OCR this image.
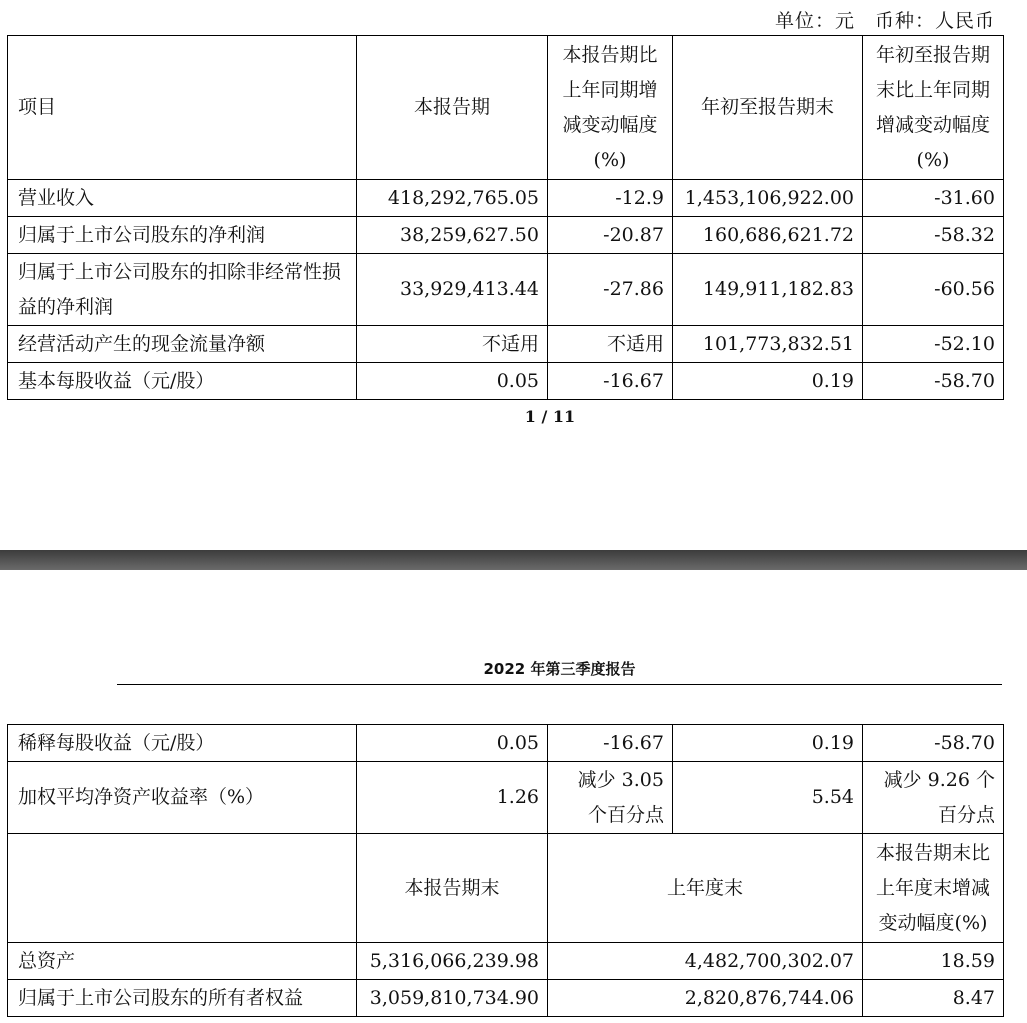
单位：元　币种：人民币
项目	本报告期	本报告期比上年同期增减变动幅度(%)	年初至报告期末	年初至报告期末比上年同期增减变动幅度(%)
营业收入	418,292,765.05	-12.9	1,453,106,922.00	-31.60
归属于上市公司股东的净利润	38,259,627.50	-20.87	160,686,621.72	-58.32
归属于上市公司股东的扣除非经常性损益的净利润	33,929,413.44	-27.86	149,911,182.83	-60.56
经营活动产生的现金流量净额	不适用	不适用	101,773,832.51	-52.10
基本每股收益（元/股）	0.05	-16.67	0.19	-58.70
1 / 11
2022 年第三季度报告
稀释每股收益（元/股）	0.05	-16.67	0.19	-58.70
加权平均净资产收益率（%）	1.26	减少 3.05 个百分点	5.54	减少 9.26 个百分点
	本报告期末	上年度末		本报告期末比上年度末增减变动幅度(%)
总资产	5,316,066,239.98	4,482,700,302.07		18.59
归属于上市公司股东的所有者权益	3,059,810,734.90	2,820,876,744.06		8.47
